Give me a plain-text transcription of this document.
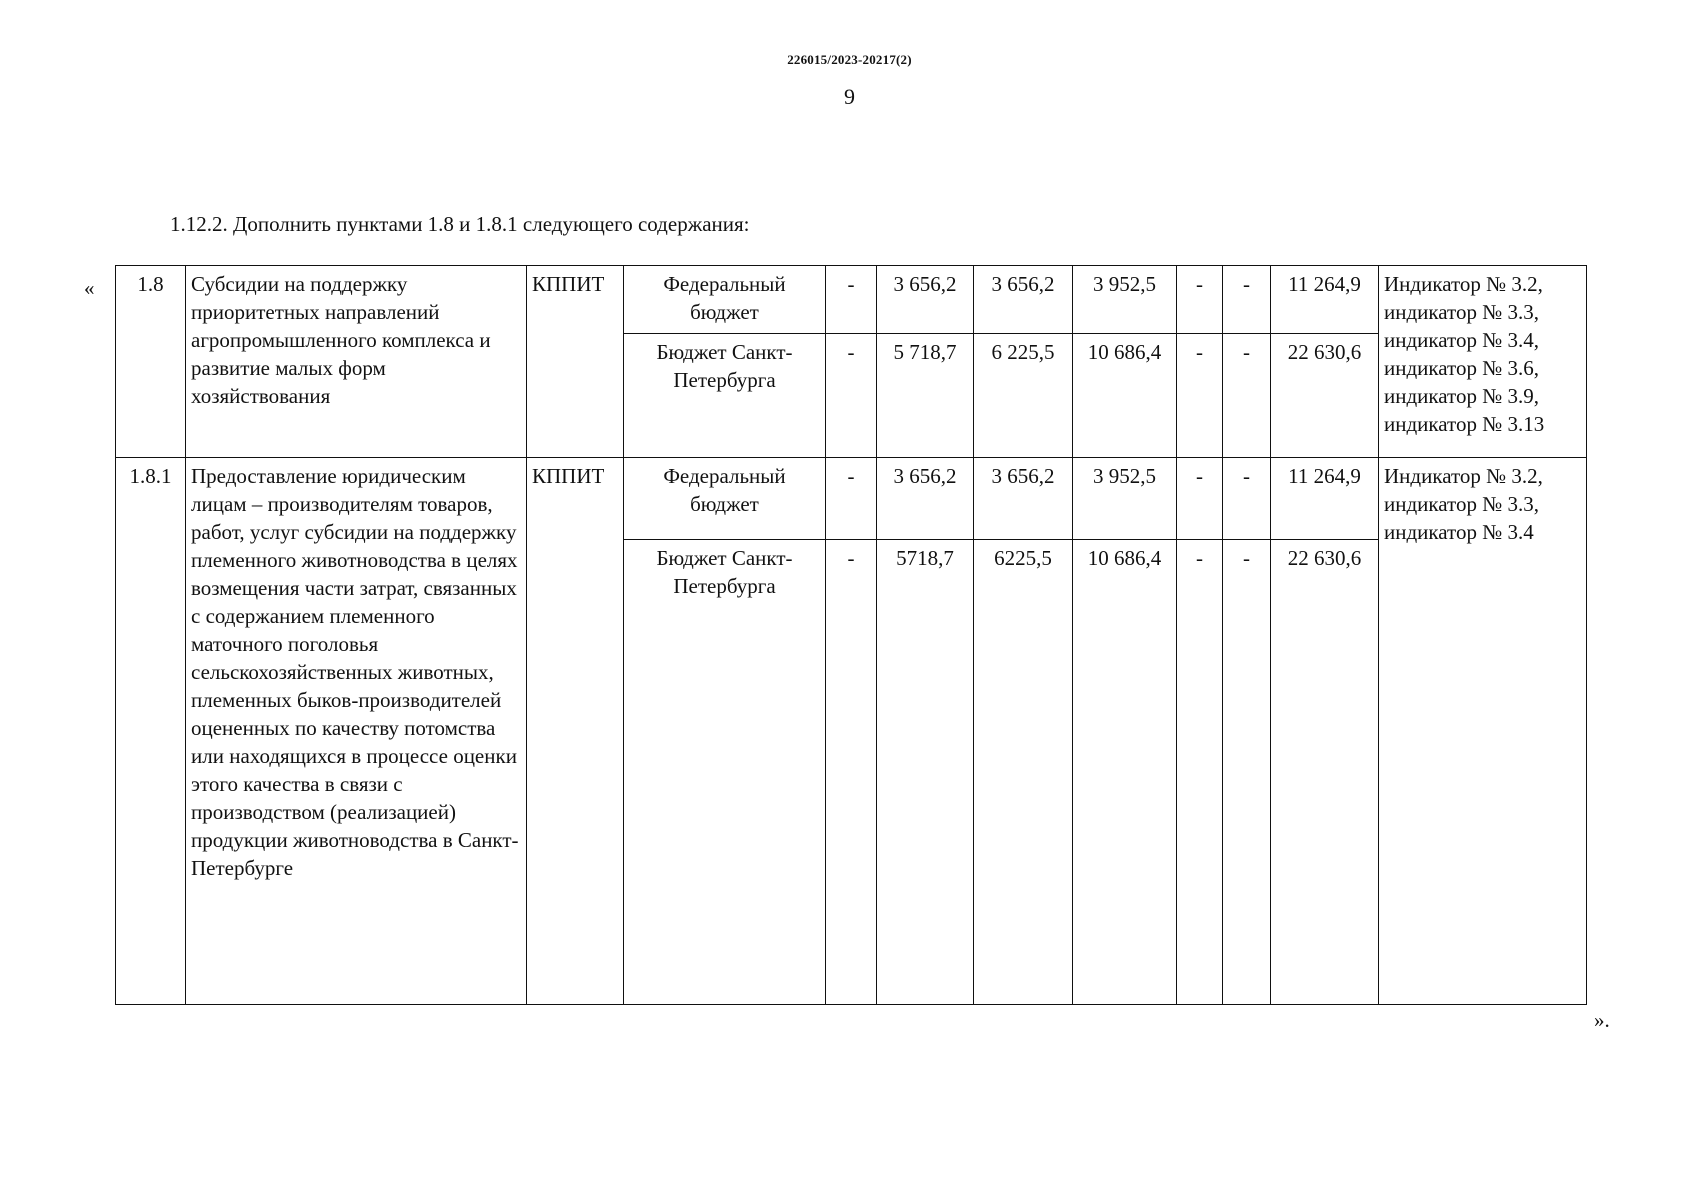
226015/2023-20217(2)
9
1.12.2. Дополнить пунктами 1.8 и 1.8.1 следующего содержания:
«
».
1.8	Субсидии на поддержку приоритетных направлений агропромышленного комплекса и развитие малых форм хозяйствования	КППИТ	Федеральный бюджет	-	3 656,2	3 656,2	3 952,5	-	-	11 264,9	Индикатор № 3.2, индикатор № 3.3, индикатор № 3.4, индикатор № 3.6, индикатор № 3.9, индикатор № 3.13
			Бюджет Санкт-Петербурга	-	5 718,7	6 225,5	10 686,4	-	-	22 630,6	
1.8.1	Предоставление юридическим лицам – производителям товаров, работ, услуг субсидии на поддержку племенного животноводства в целях возмещения части затрат, связанных с содержанием племенного маточного поголовья сельскохозяйственных животных, племенных быков-производителей оцененных по качеству потомства или находящихся в процессе оценки этого качества в связи с производством (реализацией) продукции животноводства в Санкт-Петербурге	КППИТ	Федеральный бюджет	-	3 656,2	3 656,2	3 952,5	-	-	11 264,9	Индикатор № 3.2, индикатор № 3.3, индикатор № 3.4
			Бюджет Санкт-Петербурга	-	5718,7	6225,5	10 686,4	-	-	22 630,6	
